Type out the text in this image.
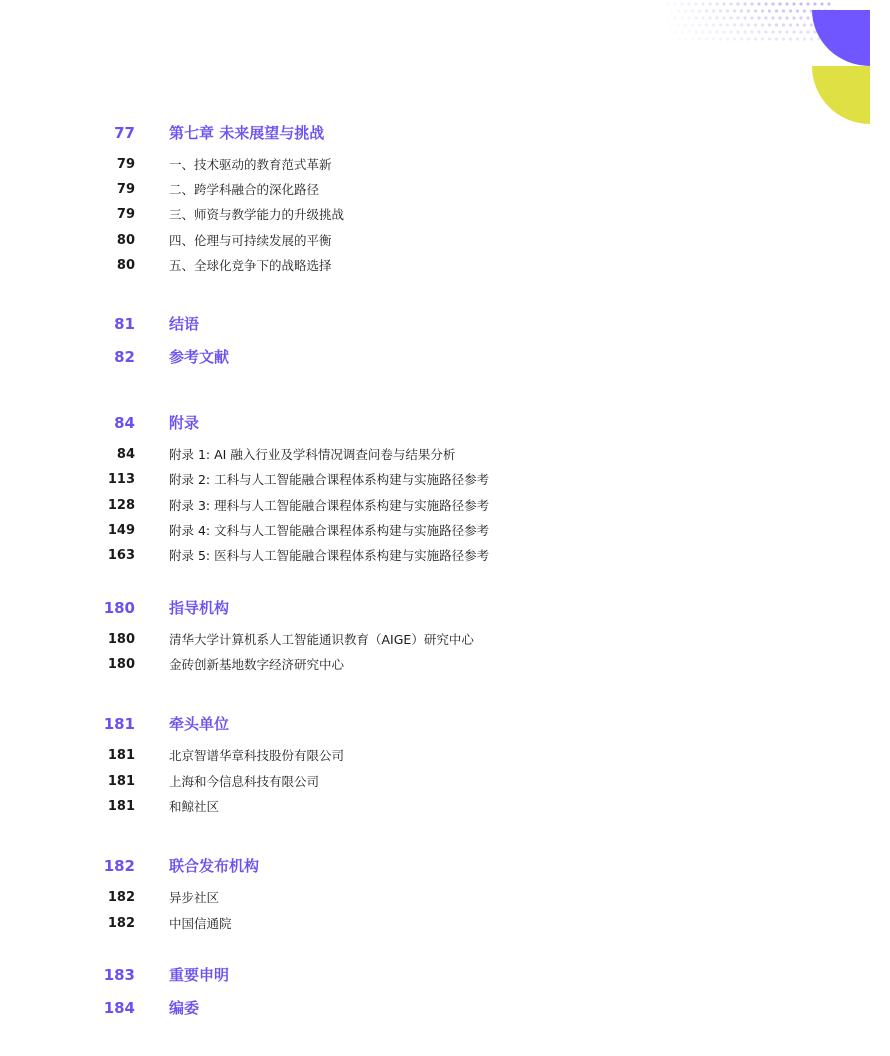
77 第七章 未来展望与挑战
79	一、技术驱动的教育范式革新
79	二、跨学科融合的深化路径
79	三、师资与教学能力的升级挑战
80	四、伦理与可持续发展的平衡
80	五、全球化竞争下的战略选择
81 结语
82 参考文献
84 附录
84	附录 1: AI 融入行业及学科情况调查问卷与结果分析
113	附录 2: 工科与人工智能融合课程体系构建与实施路径参考
128	附录 3: 理科与人工智能融合课程体系构建与实施路径参考
149	附录 4: 文科与人工智能融合课程体系构建与实施路径参考
163	附录 5: 医科与人工智能融合课程体系构建与实施路径参考
180 指导机构
180	清华大学计算机系人工智能通识教育（AIGE）研究中心
180	金砖创新基地数字经济研究中心
181 牵头单位
181	北京智谱华章科技股份有限公司
181	上海和今信息科技有限公司
181	和鲸社区
182 联合发布机构
182	异步社区
182	中国信通院
183 重要申明
184 编委
